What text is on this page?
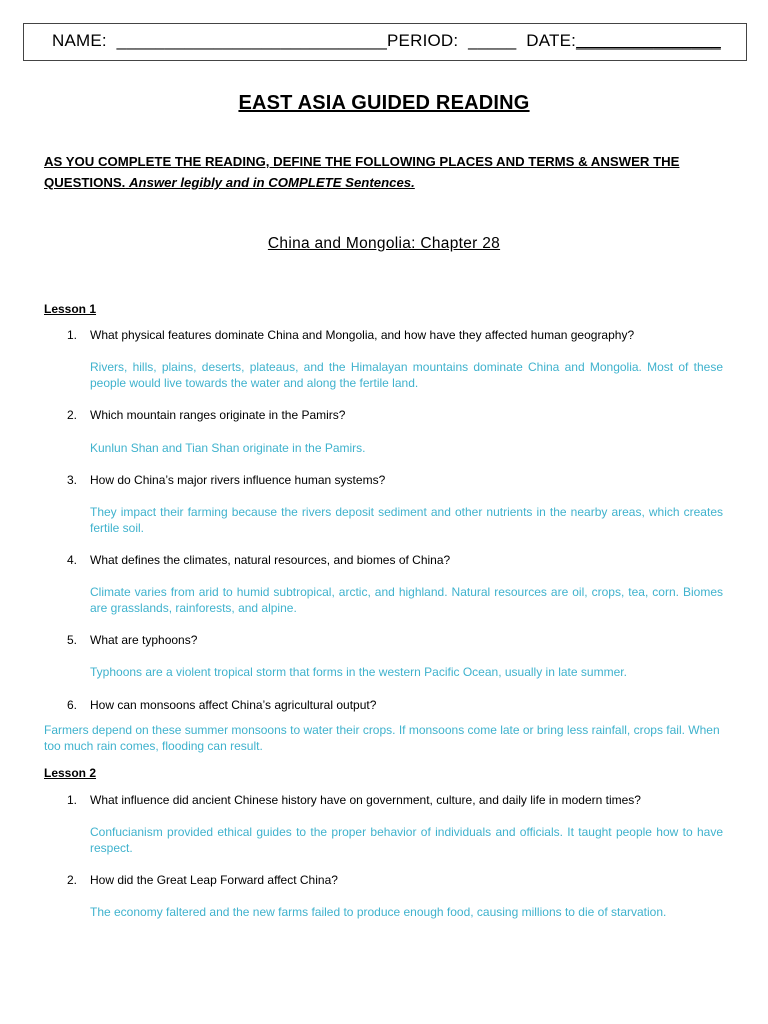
NAME:  ____________________________PERIOD:  _____  DATE:_______________
EAST ASIA GUIDED READING
AS YOU COMPLETE THE READING, DEFINE THE FOLLOWING PLACES AND TERMS & ANSWER THE QUESTIONS. Answer legibly and in COMPLETE Sentences.
China and Mongolia: Chapter 28
Lesson 1
1. What physical features dominate China and Mongolia, and how have they affected human geography?
Rivers, hills, plains, deserts, plateaus, and the Himalayan mountains dominate China and Mongolia. Most of these people would live towards the water and along the fertile land.
2. Which mountain ranges originate in the Pamirs?
Kunlun Shan and Tian Shan originate in the Pamirs.
3. How do China’s major rivers influence human systems?
They impact their farming because the rivers deposit sediment and other nutrients in the nearby areas, which creates fertile soil.
4. What defines the climates, natural resources, and biomes of China?
Climate varies from arid to humid subtropical, arctic, and highland. Natural resources are oil, crops, tea, corn. Biomes are grasslands, rainforests, and alpine.
5. What are typhoons?
Typhoons are a violent tropical storm that forms in the western Pacific Ocean, usually in late summer.
6. How can monsoons affect China’s agricultural output?
Farmers depend on these summer monsoons to water their crops. If monsoons come late or bring less rainfall, crops fail. When too much rain comes, flooding can result.
Lesson 2
1. What influence did ancient Chinese history have on government, culture, and daily life in modern times?
Confucianism provided ethical guides to the proper behavior of individuals and officials. It taught people how to have respect.
2. How did the Great Leap Forward affect China?
The economy faltered and the new farms failed to produce enough food, causing millions to die of starvation.
